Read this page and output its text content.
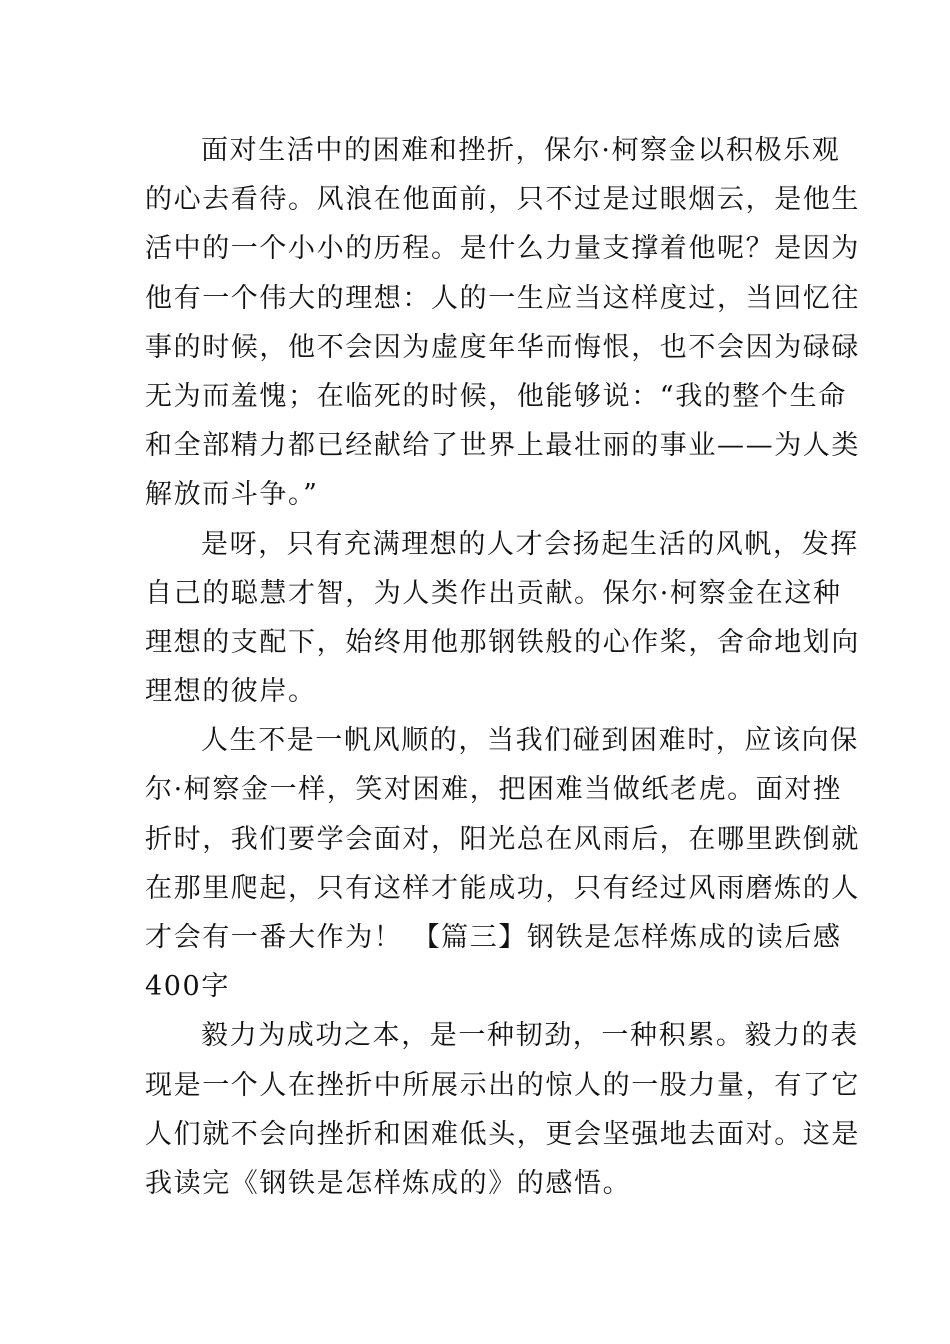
面对生活中的困难和挫折，保尔·柯察金以积极乐观
的心去看待。风浪在他面前，只不过是过眼烟云，是他生
活中的一个小小的历程。是什么力量支撑着他呢？是因为
他有一个伟大的理想：人的一生应当这样度过，当回忆往
事的时候，他不会因为虚度年华而悔恨，也不会因为碌碌
无为而羞愧；在临死的时候，他能够说：“我的整个生命
和全部精力都已经献给了世界上最壮丽的事业——为人类
解放而斗争。”
是呀，只有充满理想的人才会扬起生活的风帆，发挥
自己的聪慧才智，为人类作出贡献。保尔·柯察金在这种
理想的支配下，始终用他那钢铁般的心作桨，舍命地划向
理想的彼岸。
人生不是一帆风顺的，当我们碰到困难时，应该向保
尔·柯察金一样，笑对困难，把困难当做纸老虎。面对挫
折时，我们要学会面对，阳光总在风雨后，在哪里跌倒就
在那里爬起，只有这样才能成功，只有经过风雨磨炼的人
才会有一番大作为！ 【篇三】钢铁是怎样炼成的读后感
400字
毅力为成功之本，是一种韧劲，一种积累。毅力的表
现是一个人在挫折中所展示出的惊人的一股力量，有了它
人们就不会向挫折和困难低头，更会坚强地去面对。这是
我读完《钢铁是怎样炼成的》的感悟。
